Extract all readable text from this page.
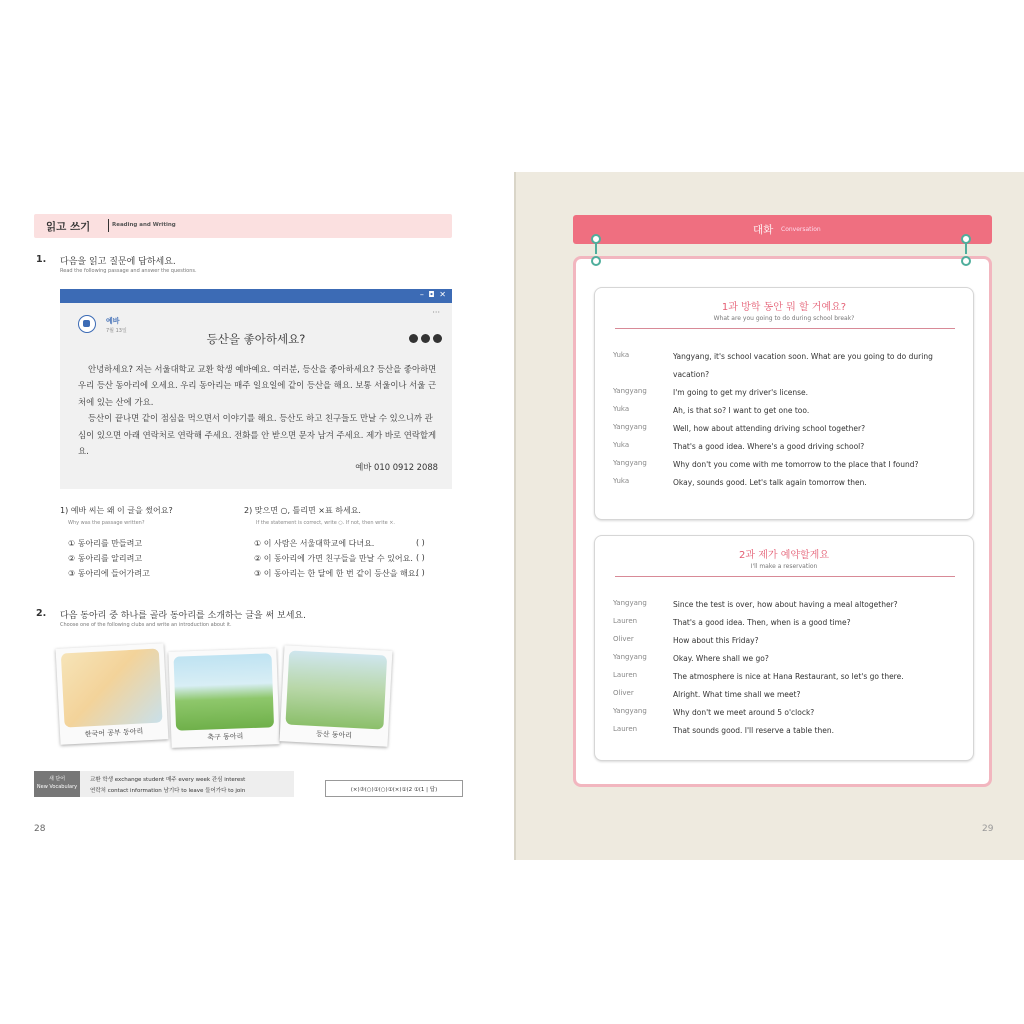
읽고 쓰기	Reading and Writing
1. 다음을 읽고 질문에 답하세요.
Read the following passage and answer the questions.
– ◘ ✕
···
예바
7월 13일
등산을 좋아하세요?

안녕하세요? 저는 서울대학교 교환 학생 예바예요. 여러분, 등산을 좋아하세요? 등산을 좋아하면 우리 등산 동아리에 오세요. 우리 동아리는 매주 일요일에 같이 등산을 해요. 보통 서울이나 서울 근처에 있는 산에 가요.

등산이 끝나면 같이 점심을 먹으면서 이야기를 해요. 등산도 하고 친구들도 만날 수 있으니까 관심이 있으면 아래 연락처로 연락해 주세요. 전화를 안 받으면 문자 남겨 주세요. 제가 바로 연락할게요.

예바 010 0912 2088
1) 예바 씨는 왜 이 글을 썼어요?
Why was the passage written?
① 동아리를 만들려고
② 동아리를 알리려고
③ 동아리에 들어가려고
2) 맞으면 ○, 틀리면 ×표 하세요.
If the statement is correct, write ○. If not, then write ×.
① 이 사람은 서울대학교에 다녀요.
② 이 동아리에 가면 친구들을 만날 수 있어요.
③ 이 동아리는 한 달에 한 번 같이 등산을 해요.
( )
( )
( )
2. 다음 동아리 중 하나를 골라 동아리를 소개하는 글을 써 보세요.
Choose one of the following clubs and write an introduction about it.
한국어 공부 동아리	축구 동아리	등산 동아리
새 단어
New Vocabulary
교환 학생 exchange student 매주 every week 관심 interest
연락처 contact information 남기다 to leave 들어가다 to join	(×)③(○)①(○)①(×)①(2 ①(1 | 답)
28
1과 방학 동안 뭐 할 거예요?
What are you going to do during school break?
Yuka	Yangyang, it's school vacation soon. What are you going to do during vacation?
Yangyang	I'm going to get my driver's license.
Yuka	Ah, is that so? I want to get one too.
Yangyang	Well, how about attending driving school together?
Yuka	That's a good idea. Where's a good driving school?
Yangyang	Why don't you come with me tomorrow to the place that I found?
Yuka	Okay, sounds good. Let's talk again tomorrow then.
2과 제가 예약할게요
I'll make a reservation
Yangyang	Since the test is over, how about having a meal altogether?
Lauren	That's a good idea. Then, when is a good time?
Oliver	How about this Friday?
Yangyang	Okay. Where shall we go?
Lauren	The atmosphere is nice at Hana Restaurant, so let's go there.
Oliver	Alright. What time shall we meet?
Yangyang	Why don't we meet around 5 o'clock?
Lauren	That sounds good. I'll reserve a table then.
대화 Conversation
29
